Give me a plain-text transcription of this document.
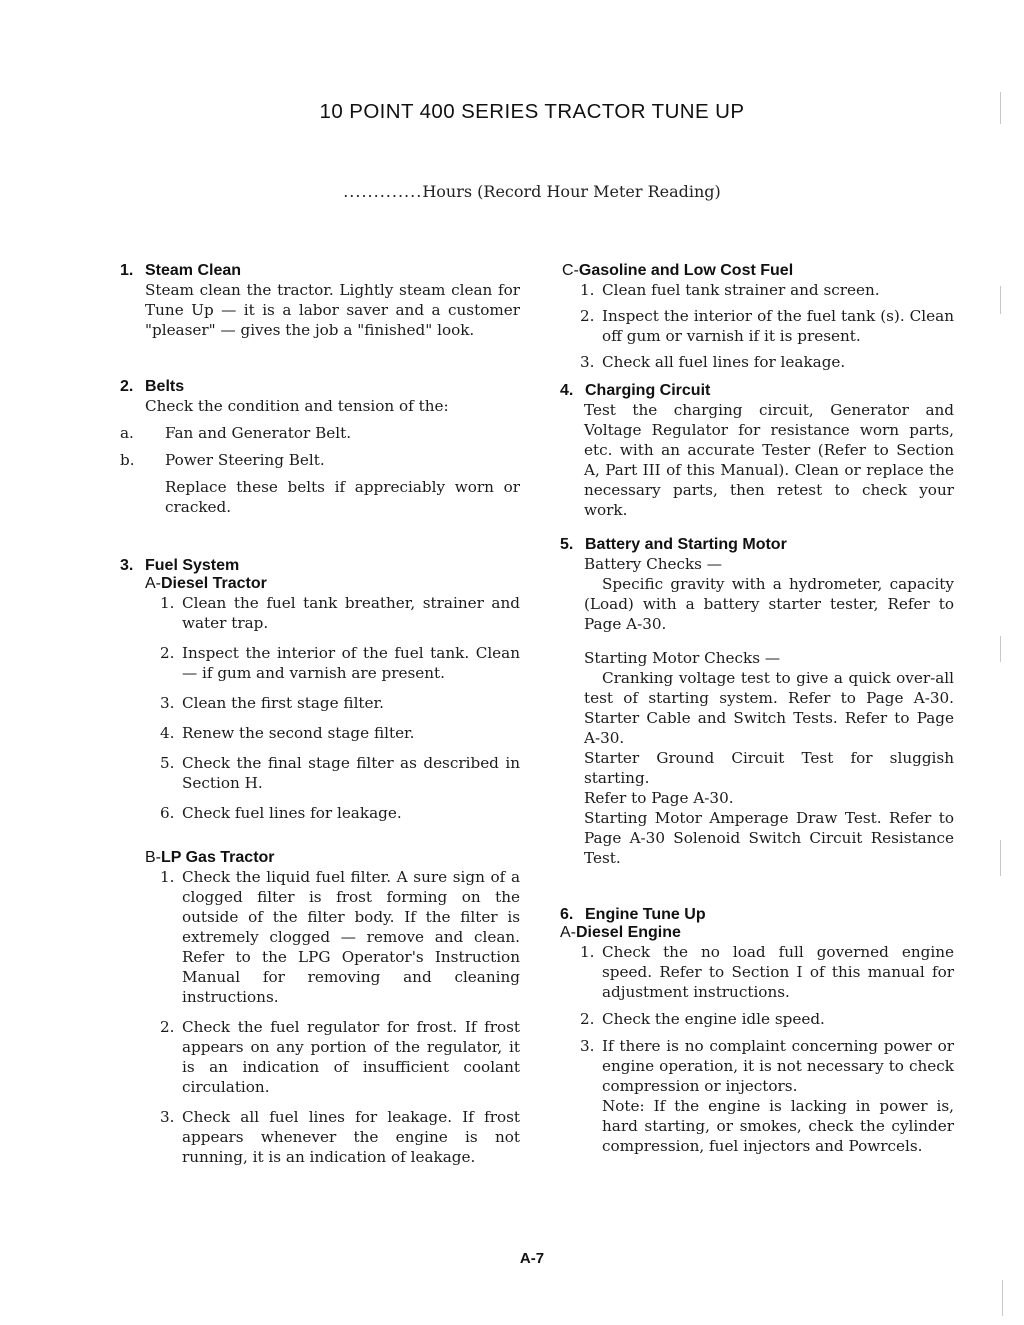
10 POINT 400 SERIES TRACTOR TUNE UP
.............Hours (Record Hour Meter Reading)
1. Steam Clean

Steam clean the tractor. Lightly steam clean for Tune Up — it is a labor saver and a customer "pleaser" — gives the job a "finished" look.

2. Belts

Check the condition and tension of the:

a. Fan and Generator Belt.
b. Power Steering Belt.

Replace these belts if appreciably worn or cracked.

3. Fuel System
A-Diesel Tractor
1. Clean the fuel tank breather, strainer and water trap.
2. Inspect the interior of the fuel tank. Clean — if gum and varnish are present.
3. Clean the first stage filter.
4. Renew the second stage filter.
5. Check the final stage filter as described in Section H.
6. Check fuel lines for leakage.
B-LP Gas Tractor
1. Check the liquid fuel filter. A sure sign of a clogged filter is frost forming on the outside of the filter body. If the filter is extremely clogged — remove and clean. Refer to the LPG Operator's Instruction Manual for removing and cleaning instructions.
2. Check the fuel regulator for frost. If frost appears on any portion of the regulator, it is an indication of insufficient coolant circulation.
3. Check all fuel lines for leakage. If frost appears whenever the engine is not running, it is an indication of leakage.
C-Gasoline and Low Cost Fuel
1. Clean fuel tank strainer and screen.
2. Inspect the interior of the fuel tank (s). Clean off gum or varnish if it is present.
3. Check all fuel lines for leakage.
4. Charging Circuit

Test the charging circuit, Generator and Voltage Regulator for resistance worn parts, etc. with an accurate Tester (Refer to Section A, Part III of this Manual). Clean or replace the necessary parts, then retest to check your work.

5. Battery and Starting Motor

Battery Checks —

Specific gravity with a hydrometer, capacity (Load) with a battery starter tester, Refer to Page A-30.

Starting Motor Checks —

Cranking voltage test to give a quick over-all test of starting system. Refer to Page A-30. Starter Cable and Switch Tests. Refer to Page A-30.

Starter Ground Circuit Test for sluggish starting.

Refer to Page A-30.

Starting Motor Amperage Draw Test. Refer to Page A-30 Solenoid Switch Circuit Resistance Test.

6. Engine Tune Up
A-Diesel Engine
1. Check the no load full governed engine speed. Refer to Section I of this manual for adjustment instructions.
2. Check the engine idle speed.
3. If there is no complaint concerning power or engine operation, it is not necessary to check compression or injectors.

Note: If the engine is lacking in power is, hard starting, or smokes, check the cylinder compression, fuel injectors and Powrcels.

A-7
